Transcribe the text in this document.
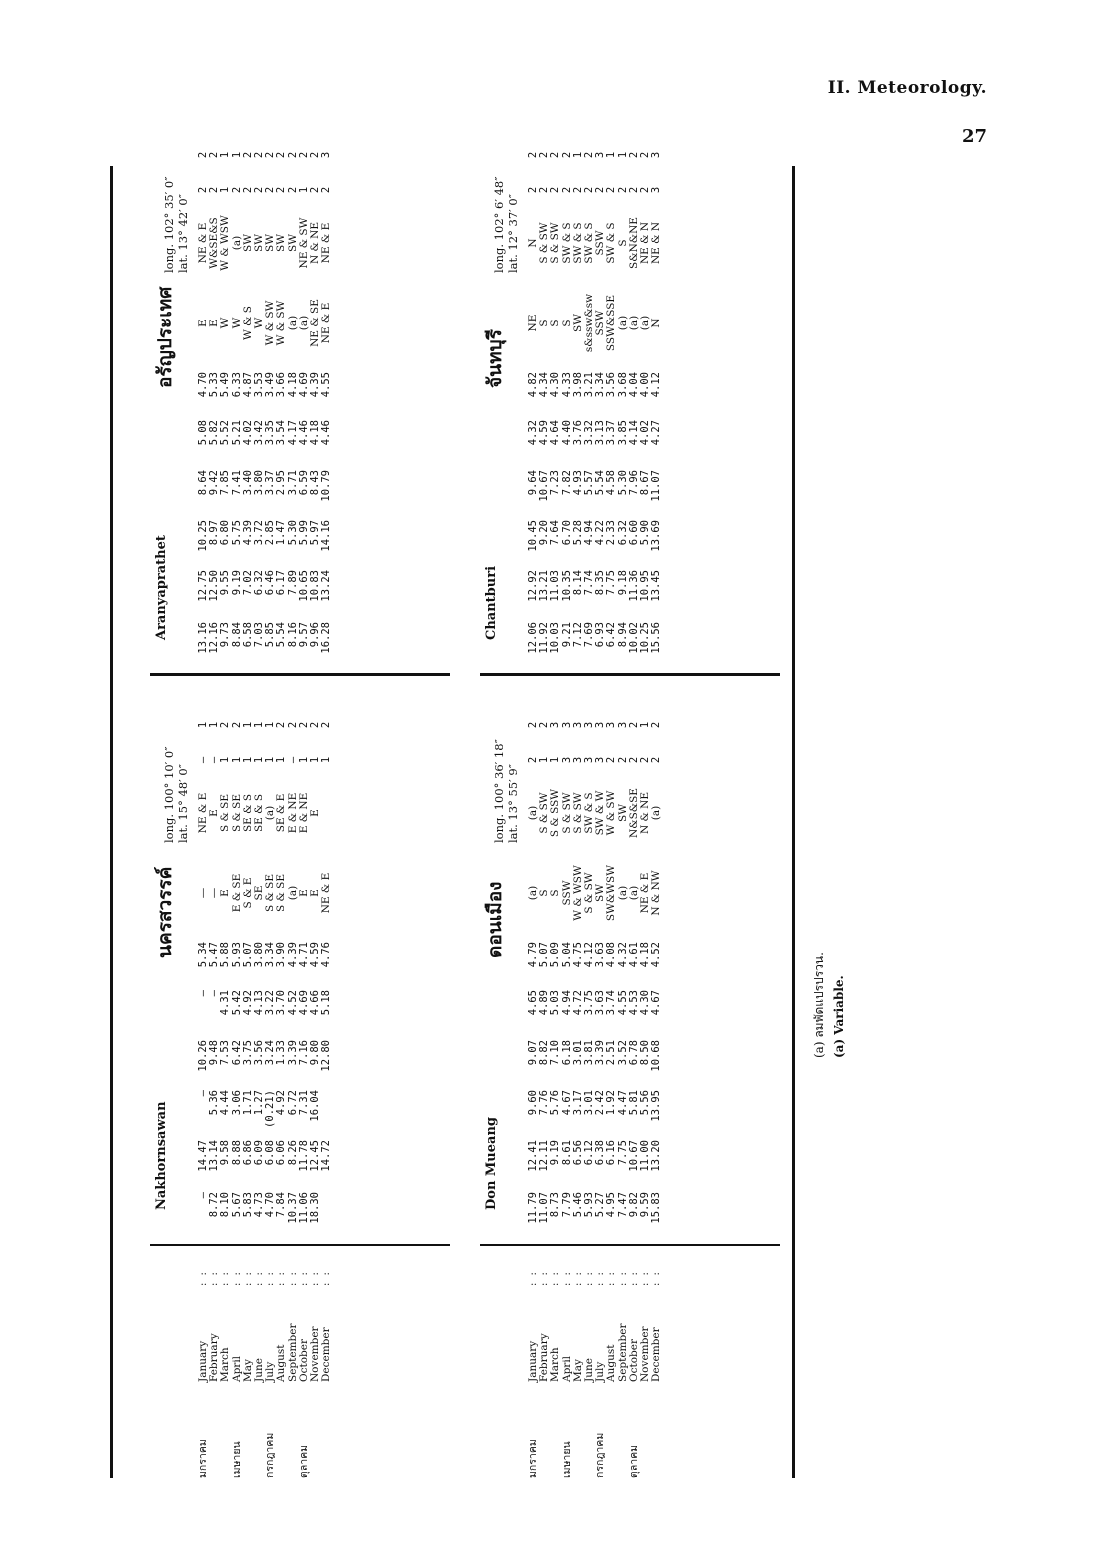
II. Meteorology.
27
มกราคม เมษายน กรกฎาคม ตุลาคม
January February March April May June July August September October November December
: : : : : : : : : : : : : : : : : : : : : : : :
Nakhornsawan
นครสวรรค์
— 8.72 8.10 5.67 5.83 4.73 4.70 7.84 10.37 11.06 18.30
14.47 13.14 9.58 8.88 6.86 6.09 6.08 6.06 8.26 11.78 12.45 14.72
— 5.36 4.44 3.06 1.71 1.27 (0.21) 4.92 6.72 7.31 16.04
10.26 9.48 7.53 6.42 3.75 3.56 3.24 1.33 3.39 7.16 9.80 12.80
— — 4.31 5.42 4.92 4.13 3.22 3.70 4.52 4.69 4.66 5.18
5.34 5.47 5.88 5.93 5.07 3.80 3.34 3.90 4.39 4.71 4.59 4.76
— — E E & SE S & E SE S & SE S & SE (a) E E NE & E
NE & E E S & SE S & SE SE & S SE & S (a) SE & E E & NE E & NE E
— — 1 1 1 1 1 1 — 1 1 1
1 1 2 2 1 1 1 2 2 2 2 2
long. 100° 10′ 0″ lat. 15° 48′ 0″
Aranyaprathet
อรัญประเทศ
13.16 12.16 9.73 8.84 6.58 7.03 5.85 5.54 8.16 9.57 9.96 16.28
12.75 12.50 9.55 9.19 7.02 6.32 6.46 6.17 7.89 10.65 10.83 13.24
10.25 8.97 6.80 5.75 4.39 3.72 2.85 1.47 5.30 5.99 5.97 14.16
8.64 9.42 7.85 7.41 3.40 3.80 3.37 2.95 3.71 6.59 8.43 10.79
5.08 5.82 5.52 5.21 4.02 3.42 3.35 3.54 4.17 4.46 4.18 4.46
4.70 5.33 5.49 6.33 4.87 3.53 3.49 3.66 4.18 4.69 4.39 4.55
E E W W W & S W W & SW W & SW (a) (a) NE & SE NE & E
NE & E W&SE&S W & WSW (a) SW SW SW SW SW NE & SW N & NE NE & E
2 2 1 2 2 2 2 2 2 1 2 2
2 2 1 1 2 2 2 2 2 2 2 3
long. 102° 35′ 0″ lat. 13° 42′ 0″
มกราคม เมษายน กรกฎาคม ตุลาคม
January February March April May June July August September October November December
: : : : : : : : : : : : : : : : : : : : : : : :
Don Mueang
ดอนเมือง
11.79 11.07 8.73 7.79 5.46 5.93 5.27 4.95 7.47 9.82 9.59 15.83
12.41 12.11 9.19 8.61 6.56 6.12 6.38 6.16 7.75 10.67 11.00 13.20
9.60 7.76 5.76 4.67 3.17 3.01 2.42 1.92 4.47 5.81 5.56 13.95
9.07 8.82 7.10 6.18 3.01 3.81 3.39 2.51 3.52 6.78 8.50 10.68
4.65 4.89 5.03 4.94 4.72 3.75 3.63 3.74 4.55 4.53 4.30 4.67
4.79 5.07 5.09 5.04 4.75 4.12 3.63 4.08 4.32 4.61 4.18 4.52
(a) S S SSW W & WSW S & SW SW SW&WSW (a) (a) NE & E N & NW
(a) S & SW S & SSW S & SW S & SW SW & S SW & W W & SW SW N&S&SE N & NE (a)
2 1 1 3 3 3 3 2 2 2 2 2
2 2 3 3 3 3 3 3 3 2 1 2
long. 100° 36′ 18″ lat. 13° 55′ 9″
Chantburi
จันทบุรี
12.06 11.92 10.03 9.21 7.12 7.69 6.93 6.42 8.94 10.02 10.25 15.56
12.92 13.21 11.03 10.35 8.14 7.74 8.35 7.75 9.18 11.36 10.95 13.45
10.45 9.20 7.64 6.70 5.28 4.94 4.22 2.33 6.32 6.60 5.90 13.69
9.64 10.67 7.23 7.82 4.93 5.57 5.54 4.58 5.30 7.96 8.67 11.07
4.32 4.59 4.64 4.40 3.76 3.32 3.13 3.37 3.85 4.14 4.02 4.27
4.82 4.34 4.30 4.33 3.98 3.21 3.34 3.56 3.68 4.04 4.00 4.12
NE S S S SW s&ssw&sw SSW SSW&SSE (a) (a) (a) N
N S & SW S & SW SW & S SW & S SW & S SSW SW & S S S&N&NE NE & N NE & N
2 2 2 2 2 2 2 2 2 2 2 3
2 2 2 2 1 2 3 1 1 2 2 3
long. 102° 6′ 48″ lat. 12° 37′ 0″
(a) ลมพัดแปรปรวน. (a) Variable.
